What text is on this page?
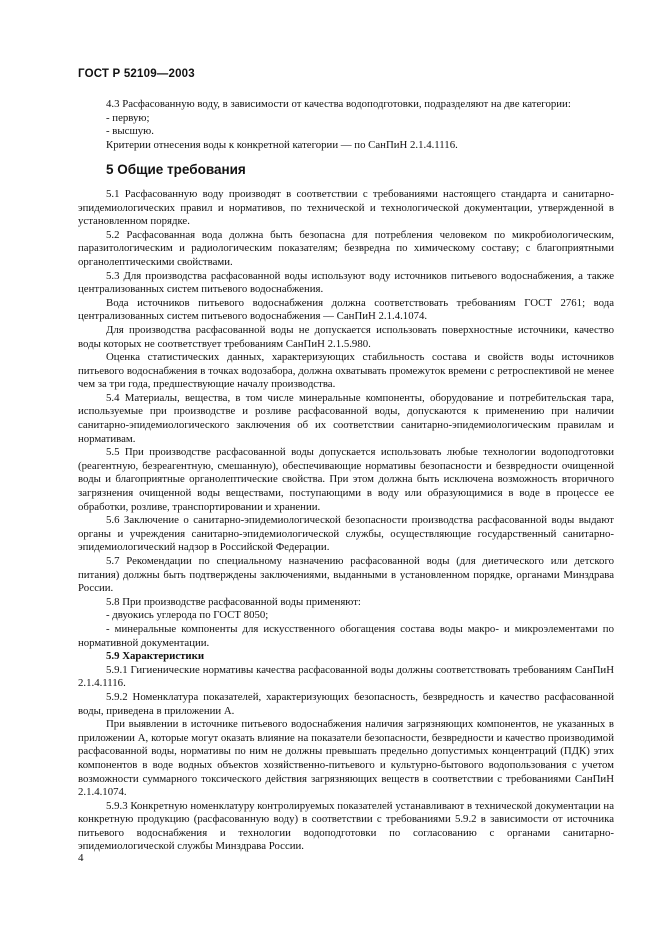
ГОСТ Р 52109—2003

4.3 Расфасованную воду, в зависимости от качества водоподготовки, подразделяют на две категории:

- первую;

- высшую.

Критерии отнесения воды к конкретной категории — по СанПиН 2.1.4.1116.

5 Общие требования

5.1 Расфасованную воду производят в соответствии с требованиями настоящего стандарта и санитарно-эпидемиологических правил и нормативов, по технической и технологической документации, утвержденной в установленном порядке.

5.2 Расфасованная вода должна быть безопасна для потребления человеком по микробиологическим, паразитологическим и радиологическим показателям; безвредна по химическому составу; с благоприятными органолептическими свойствами.

5.3 Для производства расфасованной воды используют воду источников питьевого водоснабжения, а также централизованных систем питьевого водоснабжения.

Вода источников питьевого водоснабжения должна соответствовать требованиям ГОСТ 2761; вода централизованных систем питьевого водоснабжения — СанПиН 2.1.4.1074.

Для производства расфасованной воды не допускается использовать поверхностные источники, качество воды которых не соответствует требованиям СанПиН 2.1.5.980.

Оценка статистических данных, характеризующих стабильность состава и свойств воды источников питьевого водоснабжения в точках водозабора, должна охватывать промежуток времени с ретроспективой не менее чем за три года, предшествующие началу производства.

5.4 Материалы, вещества, в том числе минеральные компоненты, оборудование и потребительская тара, используемые при производстве и розливе расфасованной воды, допускаются к применению при наличии санитарно-эпидемиологического заключения об их соответствии санитарно-эпидемиологическим правилам и нормативам.

5.5 При производстве расфасованной воды допускается использовать любые технологии водоподготовки (реагентную, безреагентную, смешанную), обеспечивающие нормативы безопасности и безвредности очищенной воды и благоприятные органолептические свойства. При этом должна быть исключена возможность вторичного загрязнения очищенной воды веществами, поступающими в воду или образующимися в воде в процессе ее обработки, розливе, транспортировании и хранении.

5.6 Заключение о санитарно-эпидемиологической безопасности производства расфасованной воды выдают органы и учреждения санитарно-эпидемиологической службы, осуществляющие государственный санитарно-эпидемиологический надзор в Российской Федерации.

5.7 Рекомендации по специальному назначению расфасованной воды (для диетического или детского питания) должны быть подтверждены заключениями, выданными в установленном порядке, органами Минздрава России.

5.8 При производстве расфасованной воды применяют:

- двуокись углерода по ГОСТ 8050;

- минеральные компоненты для искусственного обогащения состава воды макро- и микроэлементами по нормативной документации.

5.9 Характеристики

5.9.1 Гигиенические нормативы качества расфасованной воды должны соответствовать требованиям СанПиН 2.1.4.1116.

5.9.2 Номенклатура показателей, характеризующих безопасность, безвредность и качество расфасованной воды, приведена в приложении А.

При выявлении в источнике питьевого водоснабжения наличия загрязняющих компонентов, не указанных в приложении А, которые могут оказать влияние на показатели безопасности, безвредности и качество производимой расфасованной воды, нормативы по ним не должны превышать предельно допустимых концентраций (ПДК) этих компонентов в воде водных объектов хозяйственно-питьевого и культурно-бытового водопользования с учетом возможности суммарного токсического действия загрязняющих веществ в соответствии с требованиями СанПиН 2.1.4.1074.

5.9.3 Конкретную номенклатуру контролируемых показателей устанавливают в технической документации на конкретную продукцию (расфасованную воду) в соответствии с требованиями 5.9.2 в зависимости от источника питьевого водоснабжения и технологии водоподготовки по согласованию с органами санитарно-эпидемиологической службы Минздрава России.

4
